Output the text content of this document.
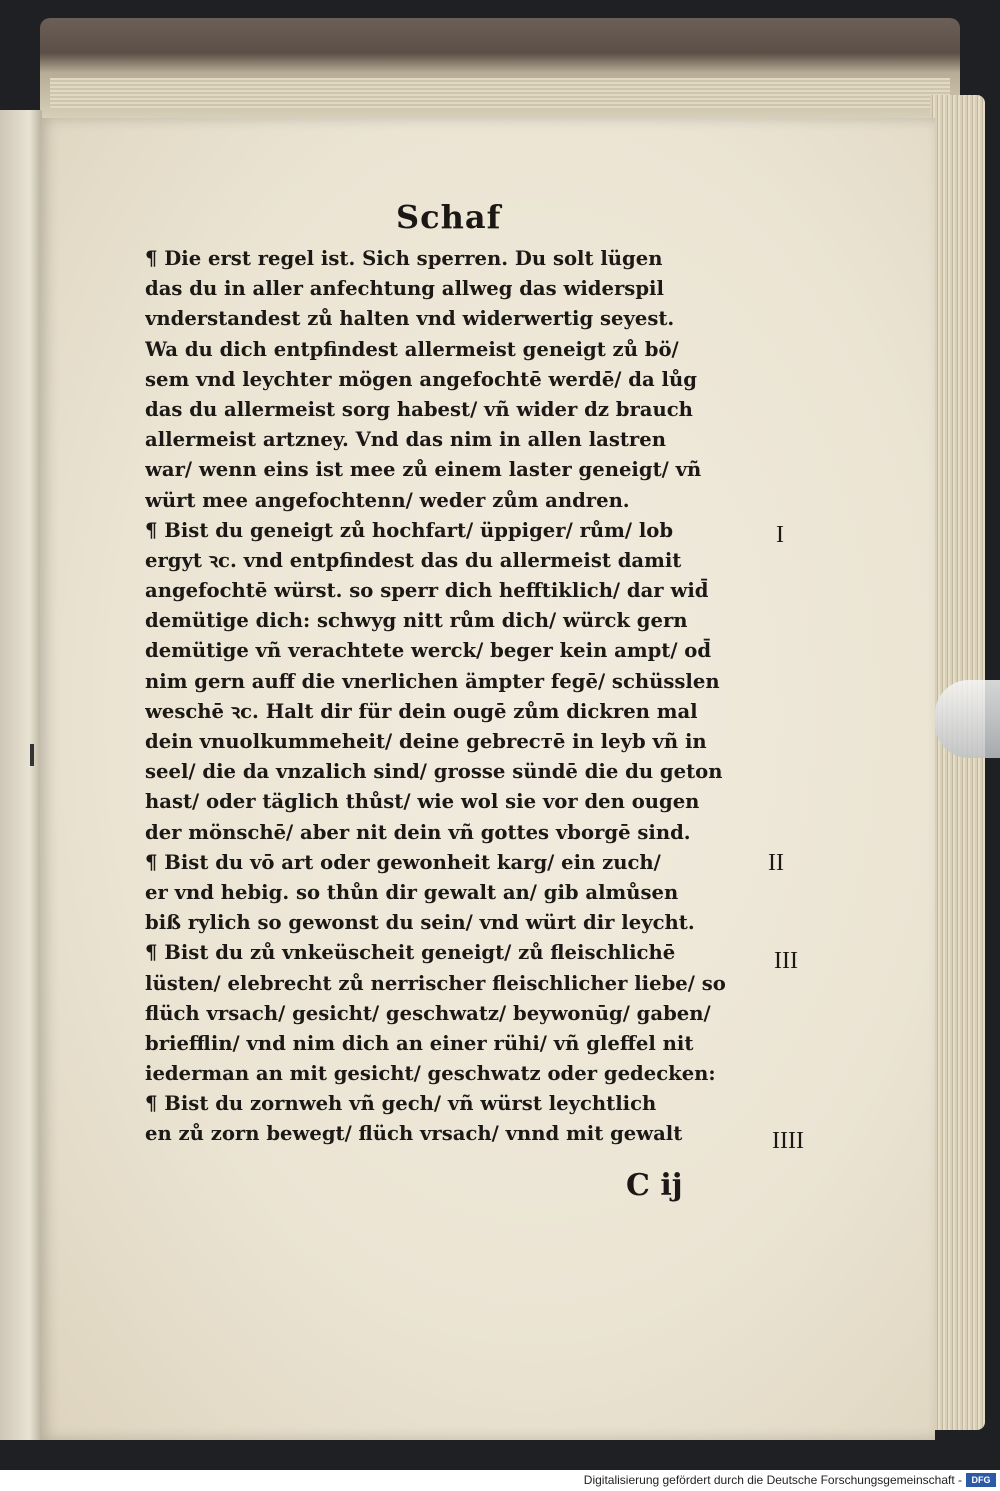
Schaf
¶ Die erst regel ist. Sich sperren. Du solt lügen
das du in aller anfechtung allweg das widerspil
vnderstandest zů halten vnd widerwertig seyest.
Wa du dich entpfindest allermeist geneigt zů bö/
sem vnd leychter mögen angefochtē werdē/ da lůg
das du allermeist sorg habest/ vñ wider dz brauch
allermeist artzney. Vnd das nim in allen lastren
war/ wenn eins ist mee zů einem laster geneigt/ vñ
würt mee angefochtenn/ weder zům andren.
¶ Bist du geneigt zů hochfart/ üppiger/ rům/ lob
ergyt ꝛc. vnd entpfindest das du allermeist damit
angefochtē würst. so sperr dich hefftiklich/ dar wid̄
demütige dich: schwyg nitt rům dich/ würck gern
demütige vñ verachtete werck/ beger kein ampt/ od̄
nim gern auff die vnerlichen ämpter fegē/ schüsslen
weschē ꝛc. Halt dir für dein ougē zům dickren mal
dein vnuolkummeheit/ deine gebreстē in leyb vñ in
seel/ die da vnzalich sind/ grosse sündē die du geton
hast/ oder täglich thůst/ wie wol sie vor den ougen
der mönschē/ aber nit dein vñ gottes vborgē sind.
¶ Bist du vō art oder gewonheit karg/ ein zuch/
er vnd hebig. so thůn dir gewalt an/ gib almůsen
biß rylich so gewonst du sein/ vnd würt dir leycht.
¶ Bist du zů vnkeüscheit geneigt/ zů fleischlichē
lüsten/ elebrecht zů nerrischer fleischlicher liebe/ so
flüch vrsach/ gesicht/ geschwatz/ beywonūg/ gaben/
briefflin/ vnd nim dich an einer rühi/ vñ gleffel nit
iederman an mit gesicht/ geschwatz oder gedecken:
¶ Bist du zornweh vñ gech/ vñ würst leychtlich
en zů zorn bewegt/ flüch vrsach/ vnnd mit gewalt
I
II
III
IIII
C ij
Digitalisierung gefördert durch die Deutsche Forschungsgemeinschaft -	DFG
